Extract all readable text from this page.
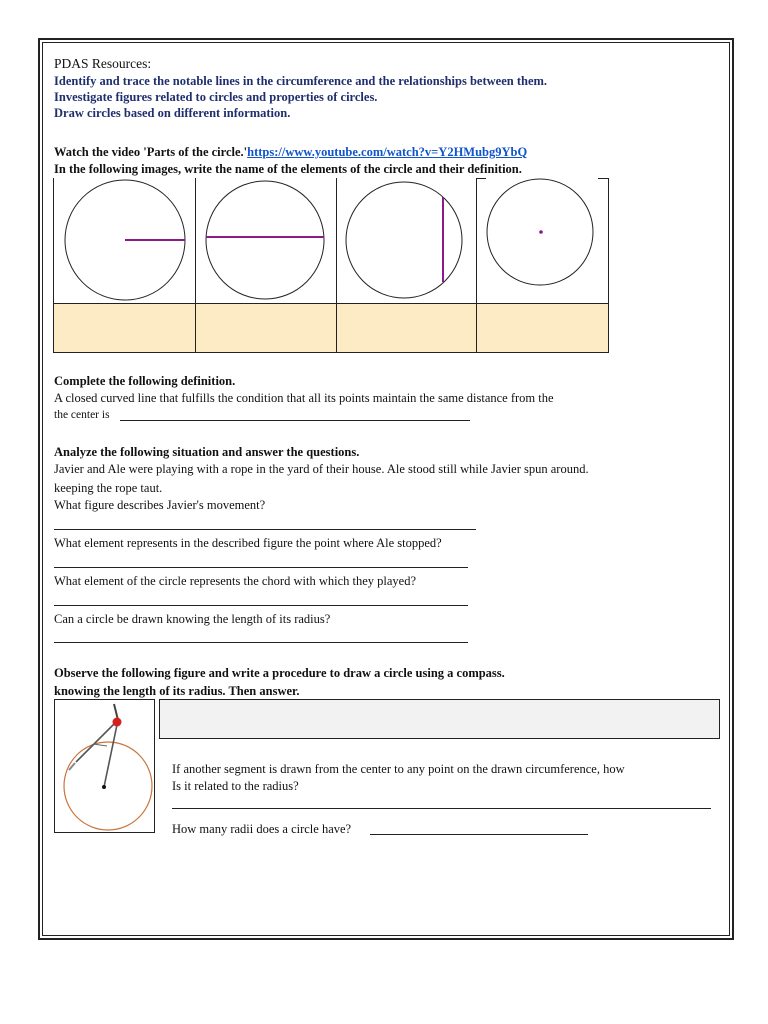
PDAS Resources:
Identify and trace the notable lines in the circumference and the relationships between them.
Investigate figures related to circles and properties of circles.
Draw circles based on different information.
Watch the video 'Parts of the circle.'https://www.youtube.com/watch?v=Y2HMubg9YbQ
In the following images, write the name of the elements of the circle and their definition.
Complete the following definition.
A closed curved line that fulfills the condition that all its points maintain the same distance from the
the center is
Analyze the following situation and answer the questions.
Javier and Ale were playing with a rope in the yard of their house. Ale stood still while Javier spun around.
keeping the rope taut.
What figure describes Javier's movement?
What element represents in the described figure the point where Ale stopped?
What element of the circle represents the chord with which they played?
Can a circle be drawn knowing the length of its radius?
Observe the following figure and write a procedure to draw a circle using a compass.
knowing the length of its radius. Then answer.
If another segment is drawn from the center to any point on the drawn circumference, how
Is it related to the radius?
How many radii does a circle have?
